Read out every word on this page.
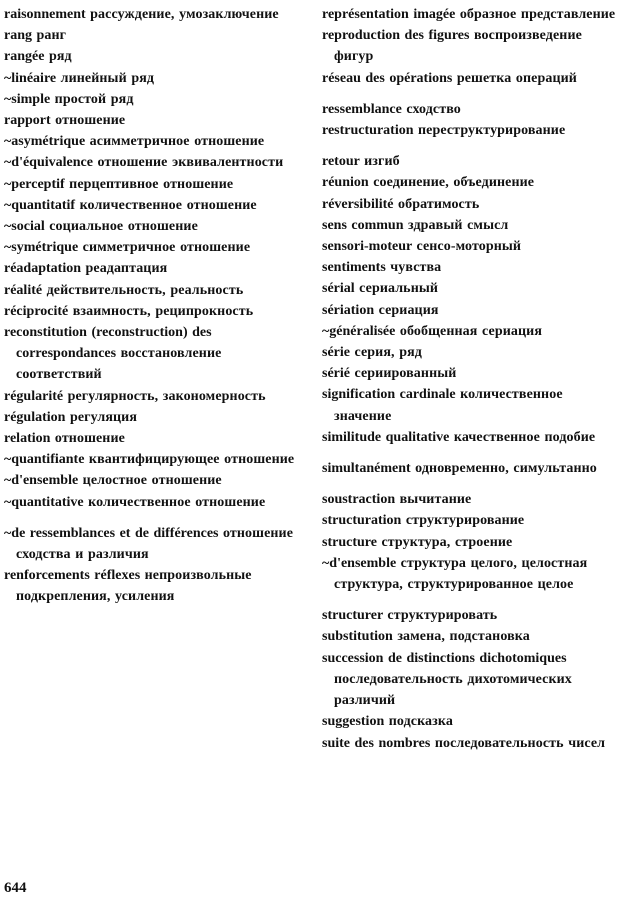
raisonnement рассуждение, умозаключение

rang ранг

rangée ряд

~linéaire линейный ряд

~simple простой ряд

rapport отношение

~asymétrique асимметричное отношение

~d'équivalence отношение эквивалентности

~perceptif перцептивное отношение

~quantitatif количественное отношение

~social социальное отношение

~symétrique симметричное отношение

réadaptation реадаптация

réalité действительность, реальность

réciprocité взаимность, реципрокность

reconstitution (reconstruction) des correspondances восстановление соответствий

régularité регулярность, закономерность

régulation регуляция

relation отношение

~quantifiante квантифицирующее отношение

~d'ensemble целостное отношение

~quantitative количественное отношение

~de ressemblances et de différences отношение сходства и различия

renforcements réflexes непроизвольные подкрепления, усиления

représentation imagée образное представление

reproduction des figures воспроизведение фигур

réseau des opérations решетка операций

ressemblance сходство

restructuration переструктурирование

retour изгиб

réunion соединение, объединение

réversibilité обратимость

sens commun здравый смысл

sensori-moteur сенсо-моторный

sentiments чувства

sérial сериальный

sériation сериация

~généralisée обобщенная сериация

série серия, ряд

sérié сериированный

signification cardinale количественное значение

similitude qualitative качественное подобие

simultanément одновременно, симультанно

soustraction вычитание

structuration структурирование

structure структура, строение

~d'ensemble структура целого, целостная структура, структурированное целое

structurer структурировать

substitution замена, подстановка

succession de distinctions dichotomiques последовательность дихотомических различий

suggestion подсказка

suite des nombres последовательность чисел

644
